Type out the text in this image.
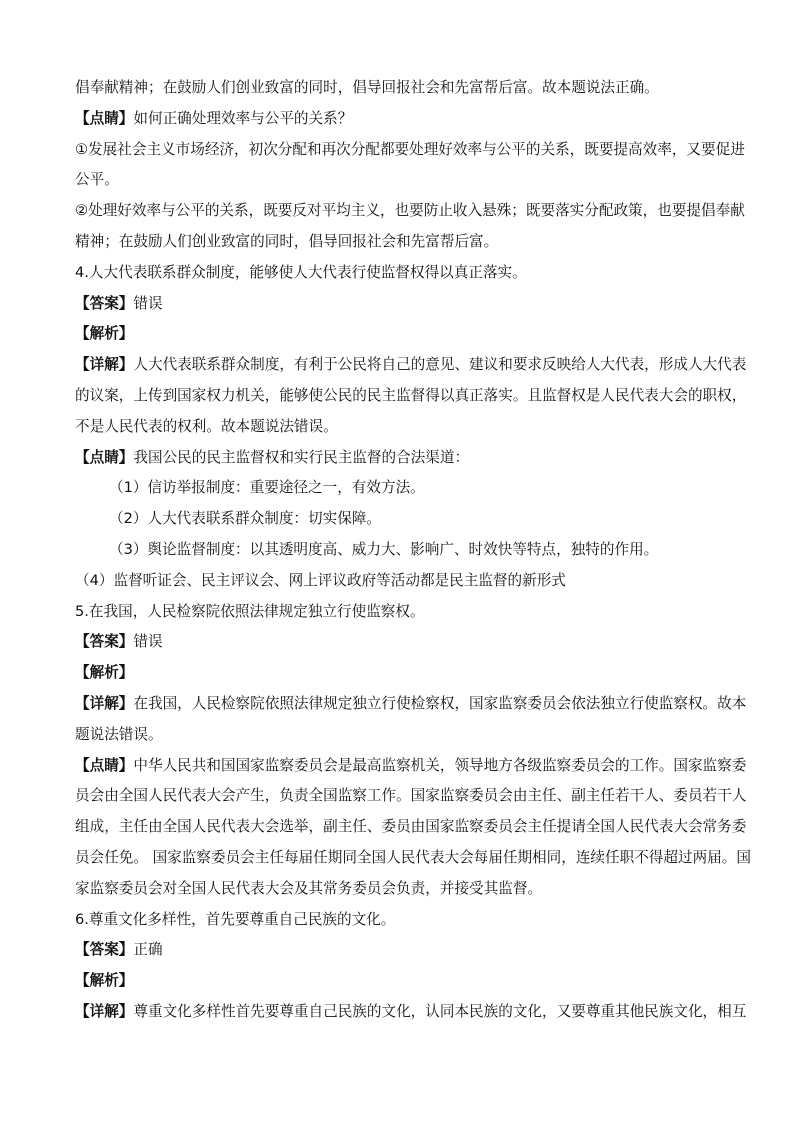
倡奉献精神；在鼓励人们创业致富的同时，倡导回报社会和先富帮后富。故本题说法正确。
【点睛】如何正确处理效率与公平的关系？
①发展社会主义市场经济，初次分配和再次分配都要处理好效率与公平的关系，既要提高效率，又要促进
公平。
②处理好效率与公平的关系，既要反对平均主义，也要防止收入悬殊；既要落实分配政策，也要提倡奉献
精神；在鼓励人们创业致富的同时，倡导回报社会和先富帮后富。
4.人大代表联系群众制度，能够使人大代表行使监督权得以真正落实。
【答案】错误
【解析】
【详解】人大代表联系群众制度，有利于公民将自己的意见、建议和要求反映给人大代表，形成人大代表
的议案，上传到国家权力机关，能够使公民的民主监督得以真正落实。且监督权是人民代表大会的职权，
不是人民代表的权利。故本题说法错误。
【点睛】我国公民的民主监督权和实行民主监督的合法渠道：
（1）信访举报制度：重要途径之一，有效方法。
（2）人大代表联系群众制度：切实保障。
（3）舆论监督制度：以其透明度高、威力大、影响广、时效快等特点，独特的作用。
（4）监督听证会、民主评议会、网上评议政府等活动都是民主监督的新形式
5.在我国，人民检察院依照法律规定独立行使监察权。
【答案】错误
【解析】
【详解】在我国，人民检察院依照法律规定独立行使检察权，国家监察委员会依法独立行使监察权。故本
题说法错误。
【点睛】中华人民共和国国家监察委员会是最高监察机关，领导地方各级监察委员会的工作。国家监察委
员会由全国人民代表大会产生，负责全国监察工作。国家监察委员会由主任、副主任若干人、委员若干人
组成，主任由全国人民代表大会选举，副主任、委员由国家监察委员会主任提请全国人民代表大会常务委
员会任免。 国家监察委员会主任每届任期同全国人民代表大会每届任期相同，连续任职不得超过两届。国
家监察委员会对全国人民代表大会及其常务委员会负责，并接受其监督。
6.尊重文化多样性，首先要尊重自己民族的文化。
【答案】正确
【解析】
【详解】尊重文化多样性首先要尊重自己民族的文化，认同本民族的文化，又要尊重其他民族文化，相互
